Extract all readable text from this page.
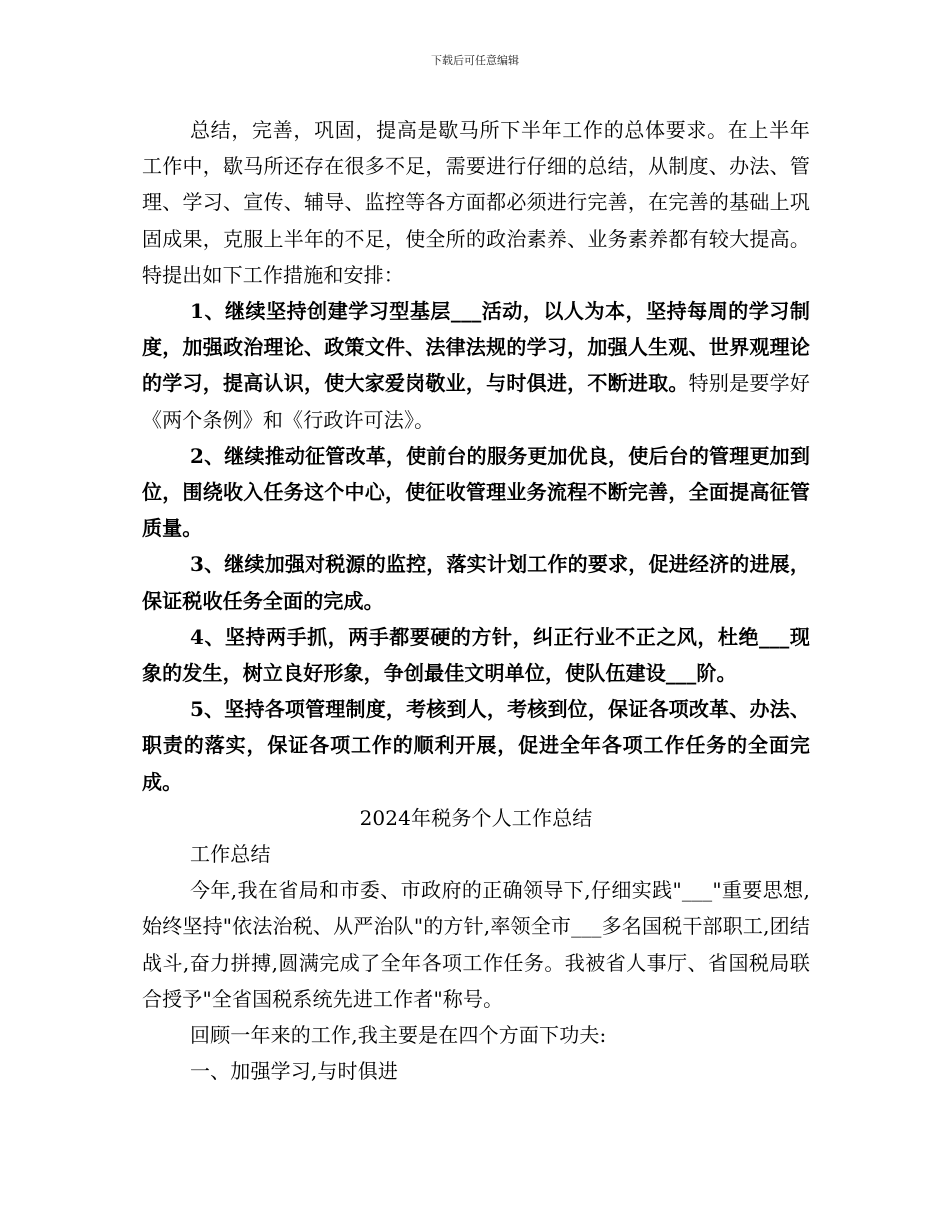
下载后可任意编辑

总结，完善，巩固，提高是歇马所下半年工作的总体要求。在上半年工作中，歇马所还存在很多不足，需要进行仔细的总结，从制度、办法、管理、学习、宣传、辅导、监控等各方面都必须进行完善，在完善的基础上巩固成果，克服上半年的不足，使全所的政治素养、业务素养都有较大提高。特提出如下工作措施和安排：

1、继续坚持创建学习型基层___活动，以人为本，坚持每周的学习制度，加强政治理论、政策文件、法律法规的学习，加强人生观、世界观理论的学习，提高认识，使大家爱岗敬业，与时俱进，不断进取。特别是要学好《两个条例》和《行政许可法》。

2、继续推动征管改革，使前台的服务更加优良，使后台的管理更加到位，围绕收入任务这个中心，使征收管理业务流程不断完善，全面提高征管质量。

3、继续加强对税源的监控，落实计划工作的要求，促进经济的进展，保证税收任务全面的完成。

4、坚持两手抓，两手都要硬的方针，纠正行业不正之风，杜绝___现象的发生，树立良好形象，争创最佳文明单位，使队伍建设___阶。

5、坚持各项管理制度，考核到人，考核到位，保证各项改革、办法、职责的落实，保证各项工作的顺利开展，促进全年各项工作任务的全面完成。

2024年税务个人工作总结

工作总结

今年,我在省局和市委、市政府的正确领导下,仔细实践"___"重要思想,始终坚持"依法治税、从严治队"的方针,率领全市___多名国税干部职工,团结战斗,奋力拼搏,圆满完成了全年各项工作任务。我被省人事厅、省国税局联合授予"全省国税系统先进工作者"称号。

回顾一年来的工作,我主要是在四个方面下功夫:

一、加强学习,与时俱进
